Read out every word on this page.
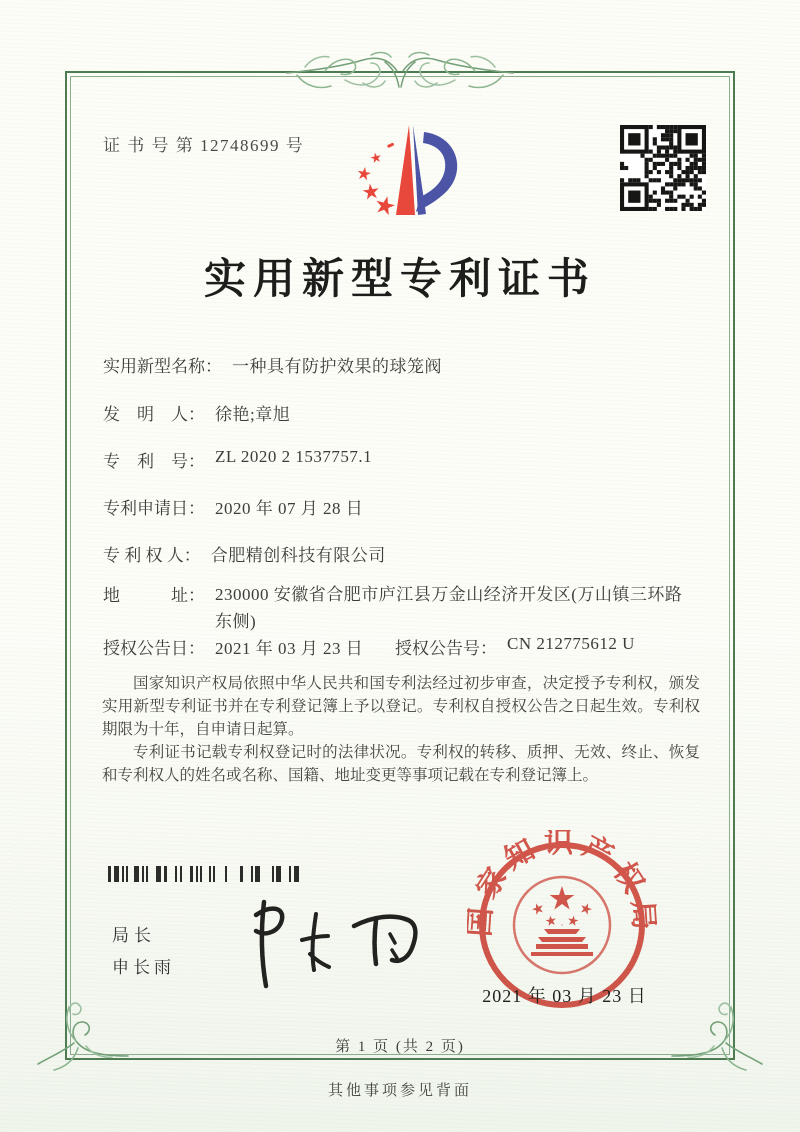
证 书 号 第 12748699 号
实用新型专利证书
实用新型名称： 一种具有防护效果的球笼阀
发　明　人： 徐艳;章旭
专　利　号： ZL 2020 2 1537757.1
专利申请日： 2020 年 07 月 28 日
专 利 权 人： 合肥精创科技有限公司
地　　　址： 230000 安徽省合肥市庐江县万金山经济开发区(万山镇三环路东侧)
授权公告日： 2021 年 03 月 23 日 授权公告号： CN 212775612 U

国家知识产权局依照中华人民共和国专利法经过初步审查，决定授予专利权，颁发实用新型专利证书并在专利登记簿上予以登记。专利权自授权公告之日起生效。专利权期限为十年，自申请日起算。

专利证书记载专利权登记时的法律状况。专利权的转移、质押、无效、终止、恢复和专利权人的姓名或名称、国籍、地址变更等事项记载在专利登记簿上。

局长
申长雨
国家知识产权局
2021 年 03 月 23 日
第 1 页 (共 2 页)
其他事项参见背面
